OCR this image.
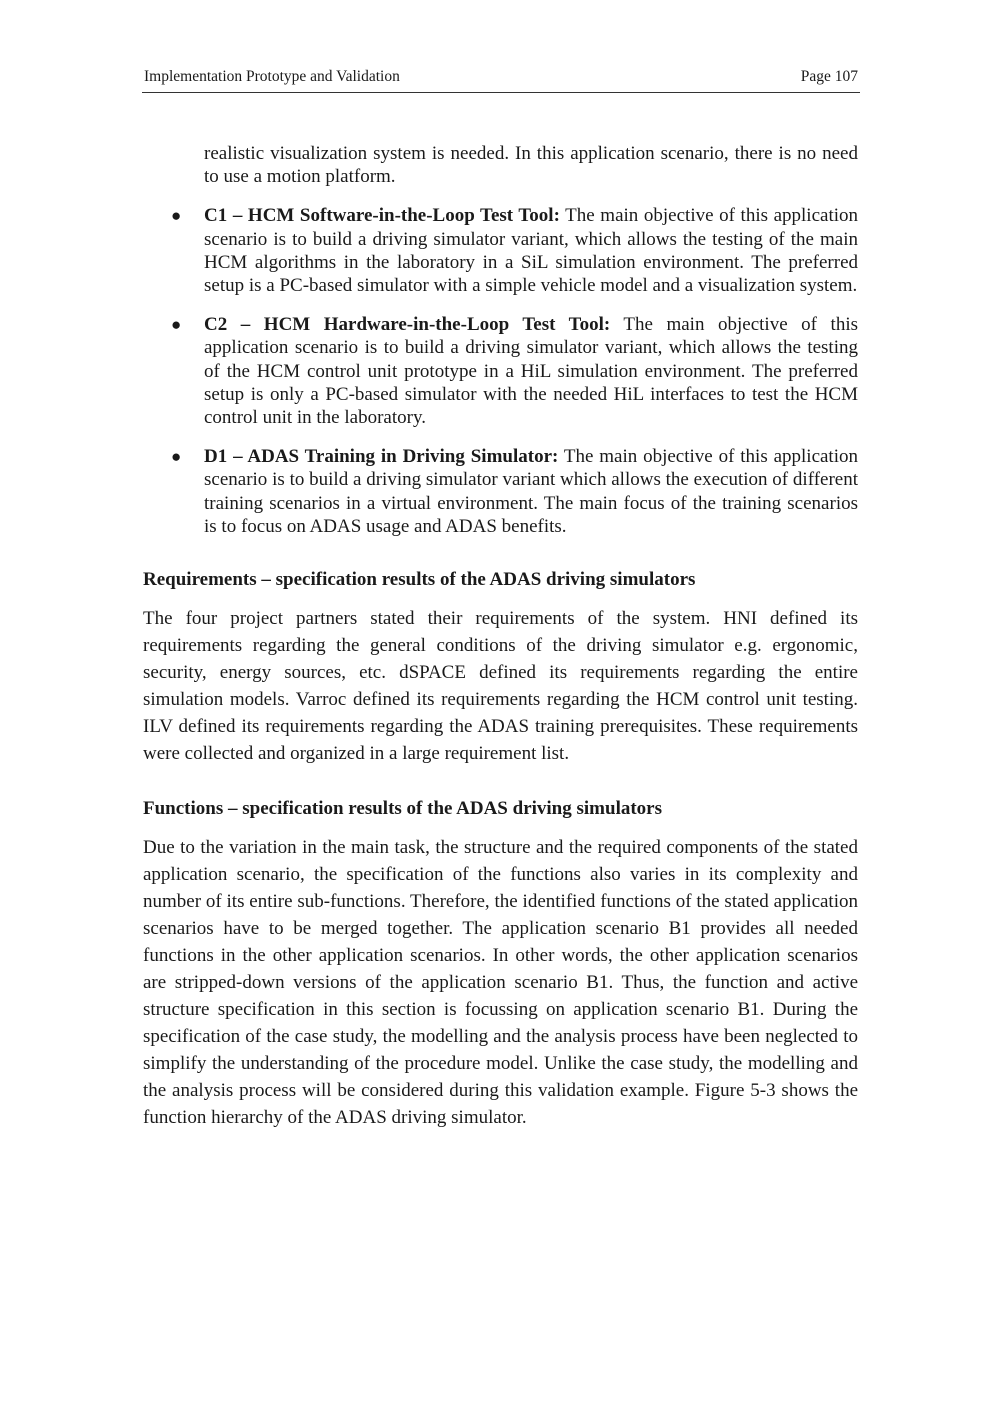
Implementation Prototype and Validation	Page 107

realistic visualization system is needed. In this application scenario, there is no need to use a motion platform.

● C1 – HCM Software-in-the-Loop Test Tool: The main objective of this application scenario is to build a driving simulator variant, which allows the testing of the main HCM algorithms in the laboratory in a SiL simulation environment. The preferred setup is a PC-based simulator with a simple vehicle model and a visualization system.
● C2 – HCM Hardware-in-the-Loop Test Tool: The main objective of this application scenario is to build a driving simulator variant, which allows the testing of the HCM control unit prototype in a HiL simulation environment. The preferred setup is only a PC-based simulator with the needed HiL interfaces to test the HCM control unit in the laboratory.
● D1 – ADAS Training in Driving Simulator: The main objective of this application scenario is to build a driving simulator variant which allows the execution of different training scenarios in a virtual environment. The main focus of the training scenarios is to focus on ADAS usage and ADAS benefits.
Requirements – specification results of the ADAS driving simulators

The four project partners stated their requirements of the system. HNI defined its requirements regarding the general conditions of the driving simulator e.g. ergonomic, security, energy sources, etc. dSPACE defined its requirements regarding the entire simulation models. Varroc defined its requirements regarding the HCM control unit testing. ILV defined its requirements regarding the ADAS training prerequisites. These requirements were collected and organized in a large requirement list.

Functions – specification results of the ADAS driving simulators

Due to the variation in the main task, the structure and the required components of the stated application scenario, the specification of the functions also varies in its complexity and number of its entire sub-functions. Therefore, the identified functions of the stated application scenarios have to be merged together. The application scenario B1 provides all needed functions in the other application scenarios. In other words, the other application scenarios are stripped-down versions of the application scenario B1. Thus, the function and active structure specification in this section is focussing on application scenario B1. During the specification of the case study, the modelling and the analysis process have been neglected to simplify the understanding of the procedure model. Unlike the case study, the modelling and the analysis process will be considered during this validation example. Figure 5-3 shows the function hierarchy of the ADAS driving simulator.
